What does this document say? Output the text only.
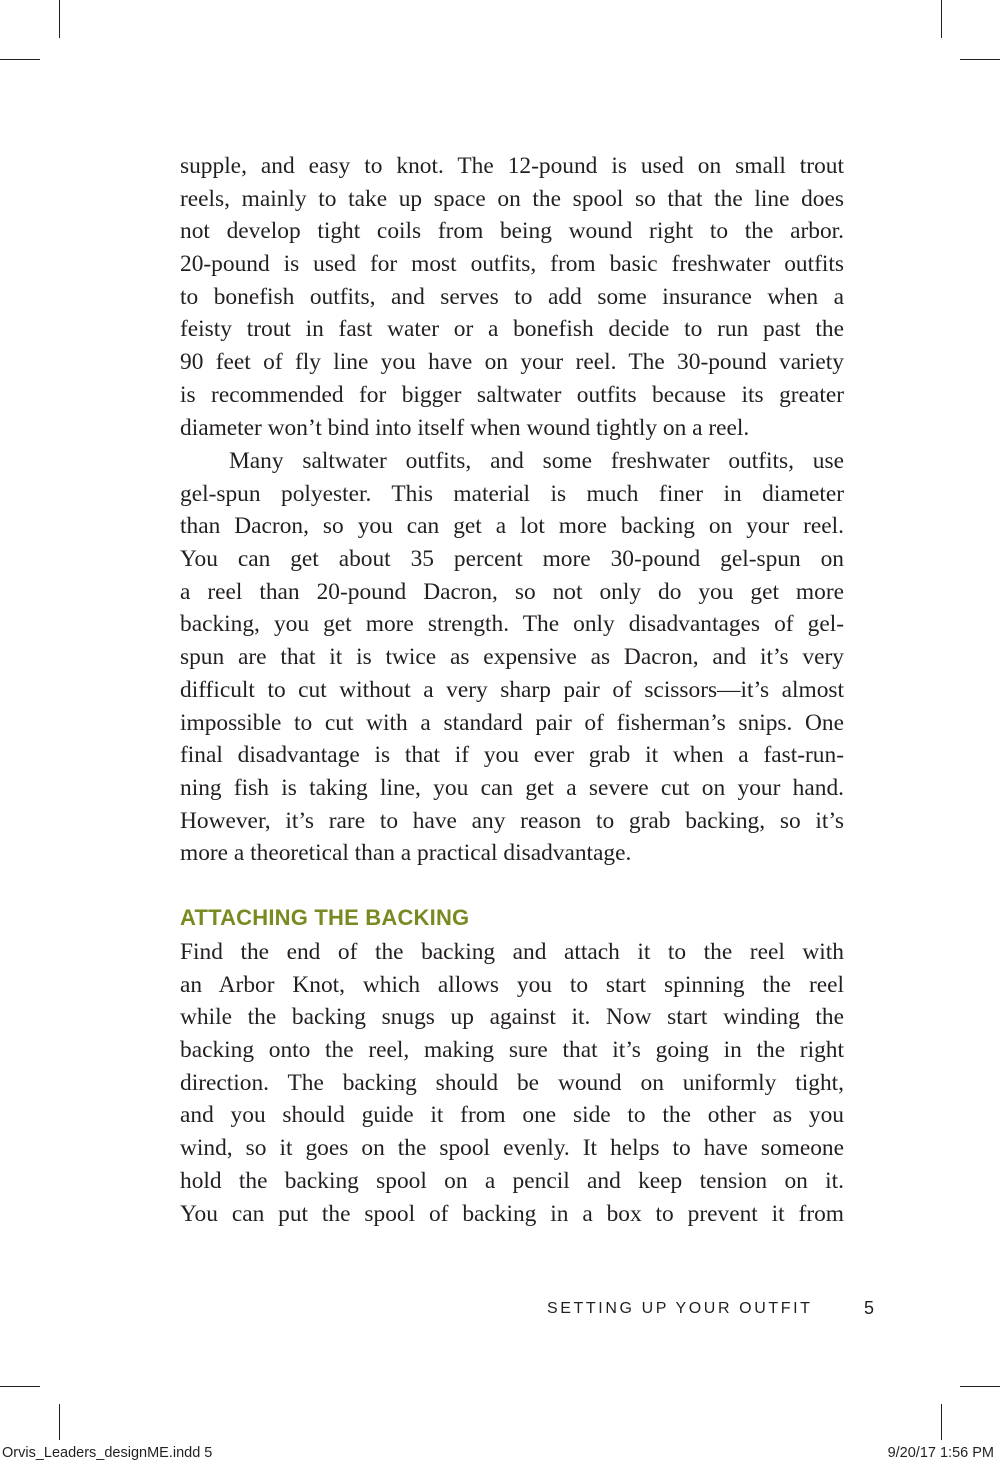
supple, and easy to knot. The 12-pound is used on small trout
reels, mainly to take up space on the spool so that the line does
not develop tight coils from being wound right to the arbor.
20-pound is used for most outfits, from basic freshwater outfits
to bonefish outfits, and serves to add some insurance when a
feisty trout in fast water or a bonefish decide to run past the
90 feet of fly line you have on your reel. The 30-pound variety
is recommended for bigger saltwater outfits because its greater
diameter won’t bind into itself when wound tightly on a reel.
Many saltwater outfits, and some freshwater outfits, use
gel-spun polyester. This material is much finer in diameter
than Dacron, so you can get a lot more backing on your reel.
You can get about 35 percent more 30-pound gel-spun on
a reel than 20-pound Dacron, so not only do you get more
backing, you get more strength. The only disadvantages of gel-
spun are that it is twice as expensive as Dacron, and it’s very
difficult to cut without a very sharp pair of scissors—it’s almost
impossible to cut with a standard pair of fisherman’s snips. One
final disadvantage is that if you ever grab it when a fast-run-
ning fish is taking line, you can get a severe cut on your hand.
However, it’s rare to have any reason to grab backing, so it’s
more a theoretical than a practical disadvantage.
ATTACHING THE BACKING
Find the end of the backing and attach it to the reel with
an Arbor Knot, which allows you to start spinning the reel
while the backing snugs up against it. Now start winding the
backing onto the reel, making sure that it’s going in the right
direction. The backing should be wound on uniformly tight,
and you should guide it from one side to the other as you
wind, so it goes on the spool evenly. It helps to have someone
hold the backing spool on a pencil and keep tension on it.
You can put the spool of backing in a box to prevent it from
SETTING UP YOUR OUTFIT	5
Orvis_Leaders_designME.indd 5	9/20/17 1:56 PM
